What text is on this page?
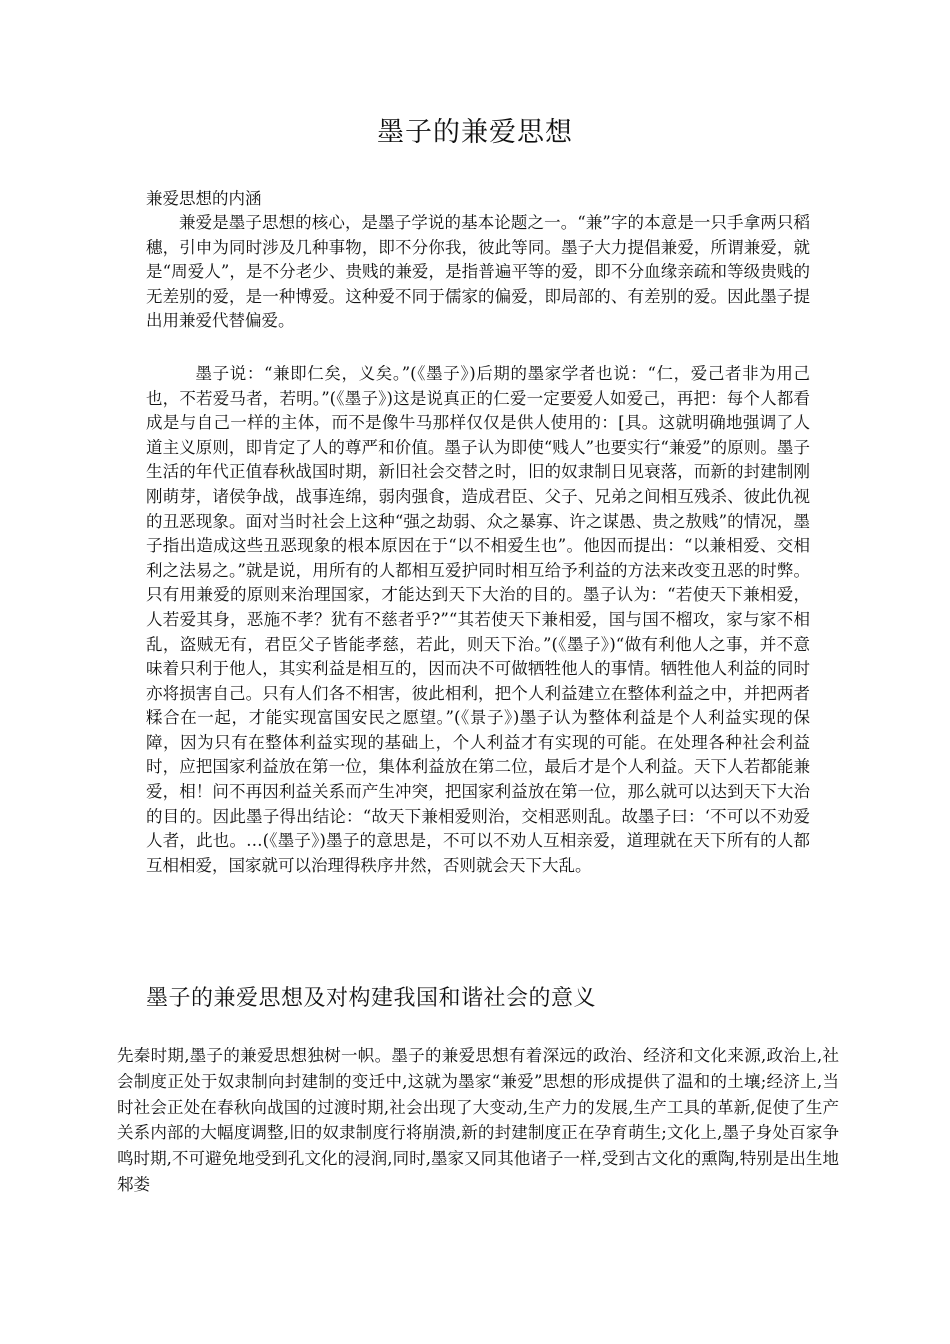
墨子的兼爱思想
兼爱思想的内涵

兼爱是墨子思想的核心，是墨子学说的基本论题之一。“兼”字的本意是一只手拿两只稻穗，引申为同时涉及几种事物，即不分你我，彼此等同。墨子大力提倡兼爱，所谓兼爱，就是“周爱人”，是不分老少、贵贱的兼爱，是指普遍平等的爱，即不分血缘亲疏和等级贵贱的无差别的爱，是一种博爱。这种爱不同于儒家的偏爱，即局部的、有差别的爱。因此墨子提出用兼爱代替偏爱。

墨子说：“兼即仁矣，义矣。”(《墨子》)后期的墨家学者也说：“仁，爱己者非为用己也，不若爱马者，若明。”(《墨子》)这是说真正的仁爱一定要爱人如爱己，再把：每个人都看成是与自己一样的主体，而不是像牛马那样仅仅是供人使用的：[具。这就明确地强调了人道主义原则，即肯定了人的尊严和价值。墨子认为即使“贱人”也要实行“兼爱”的原则。墨子生活的年代正值春秋战国时期，新旧社会交替之时，旧的奴隶制日见衰落，而新的封建制刚刚萌芽，诸侯争战，战事连绵，弱肉强食，造成君臣、父子、兄弟之间相互残杀、彼此仇视的丑恶现象。面对当时社会上这种“强之劫弱、众之暴寡、许之谋愚、贵之敖贱”的情况，墨子指出造成这些丑恶现象的根本原因在于“以不相爱生也”。他因而提出：“以兼相爱、交相利之法易之。”就是说，用所有的人都相互爱护同时相互给予利益的方法来改变丑恶的时弊。只有用兼爱的原则来治理国家，才能达到天下大治的目的。墨子认为：“若使天下兼相爱，人若爱其身，恶施不孝？犹有不慈者乎?”“其若使天下兼相爱，国与国不榴攻，家与家不相乱，盗贼无有，君臣父子皆能孝慈，若此，则天下治。”(《墨子》)“做有利他人之事，并不意味着只利于他人，其实利益是相互的，因而决不可做牺牲他人的事情。牺牲他人利益的同时亦将损害自己。只有人们各不相害，彼此相利，把个人利益建立在整体利益之中，并把两者糅合在一起，才能实现富国安民之愿望。”(《景子》)墨子认为整体利益是个人利益实现的保障，因为只有在整体利益实现的基础上，个人利益才有实现的可能。在处理各种社会利益时，应把国家利益放在第一位，集体利益放在第二位，最后才是个人利益。天下人若都能兼爱，相！问不再因利益关系而产生冲突，把国家利益放在第一位，那么就可以达到天下大治的目的。因此墨子得出结论：“故天下兼相爱则治，交相恶则乱。故墨子曰：‘不可以不劝爱人者，此也。…(《墨子》)墨子的意思是，不可以不劝人互相亲爱，道理就在天下所有的人都互相相爱，国家就可以治理得秩序井然，否则就会天下大乱。

墨子的兼爱思想及对构建我国和谐社会的意义

先秦时期,墨子的兼爱思想独树一帜。墨子的兼爱思想有着深远的政治、经济和文化来源,政治上,社会制度正处于奴隶制向封建制的变迁中,这就为墨家“兼爱”思想的形成提供了温和的土壤;经济上,当时社会正处在春秋向战国的过渡时期,社会出现了大变动,生产力的发展,生产工具的革新,促使了生产关系内部的大幅度调整,旧的奴隶制度行将崩溃,新的封建制度正在孕育萌生;文化上,墨子身处百家争鸣时期,不可避免地受到孔文化的浸润,同时,墨家又同其他诸子一样,受到古文化的熏陶,特别是出生地邾娄
